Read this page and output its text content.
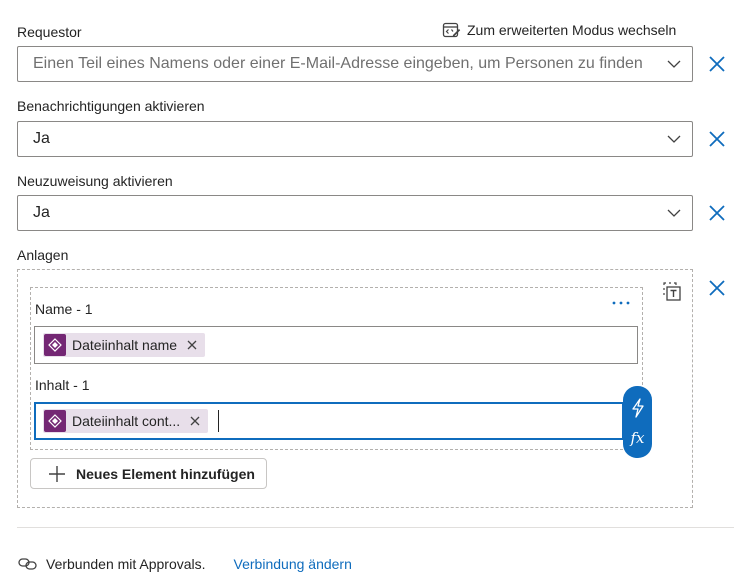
Requestor	Zum erweiterten Modus wechseln
Einen Teil eines Namens oder einer E-Mail-Adresse eingeben, um Personen zu finden
Benachrichtigungen aktivieren
Ja
Neuzuweisung aktivieren
Ja
Anlagen
Name - 1
Dateiinhalt name
Inhalt - 1
Dateiinhalt cont...
fx
Neues Element hinzufügen
Verbunden mit Approvals. Verbindung ändern
